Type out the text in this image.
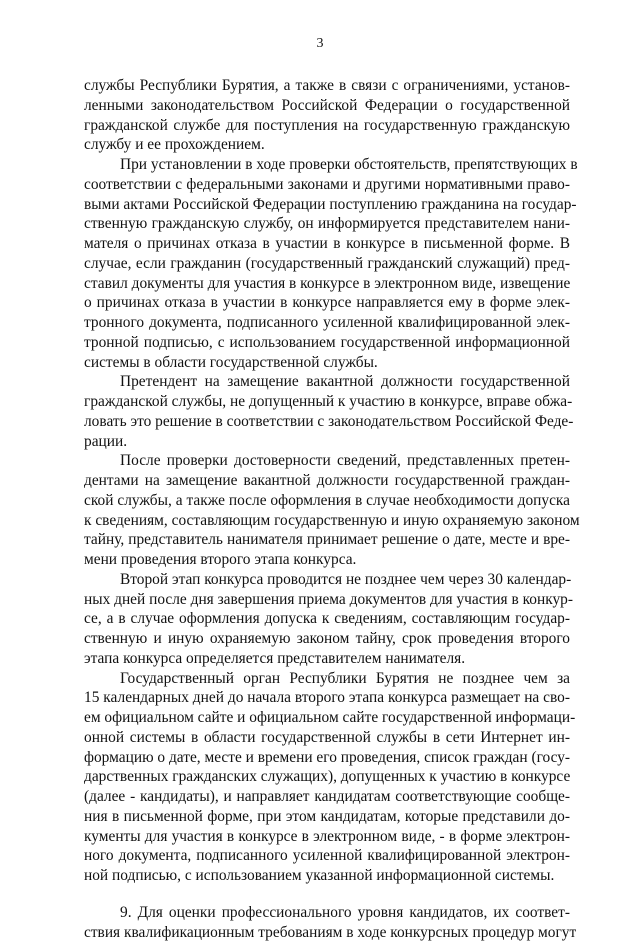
3
службы Республики Бурятия, а также в связи с ограничениями, установ-
ленными законодательством Российской Федерации о государственной
гражданской службе для поступления на государственную гражданскую
службу и ее прохождением.
При установлении в ходе проверки обстоятельств, препятствующих в
соответствии с федеральными законами и другими нормативными право-
выми актами Российской Федерации поступлению гражданина на государ-
ственную гражданскую службу, он информируется представителем нани-
мателя о причинах отказа в участии в конкурсе в письменной форме. В
случае, если гражданин (государственный гражданский служащий) пред-
ставил документы для участия в конкурсе в электронном виде, извещение
о причинах отказа в участии в конкурсе направляется ему в форме элек-
тронного документа, подписанного усиленной квалифицированной элек-
тронной подписью, с использованием государственной информационной
системы в области государственной службы.
Претендент на замещение вакантной должности государственной
гражданской службы, не допущенный к участию в конкурсе, вправе обжа-
ловать это решение в соответствии с законодательством Российской Феде-
рации.
После проверки достоверности сведений, представленных претен-
дентами на замещение вакантной должности государственной граждан-
ской службы, а также после оформления в случае необходимости допуска
к сведениям, составляющим государственную и иную охраняемую законом
тайну, представитель нанимателя принимает решение о дате, месте и вре-
мени проведения второго этапа конкурса.
Второй этап конкурса проводится не позднее чем через 30 календар-
ных дней после дня завершения приема документов для участия в конкур-
се, а в случае оформления допуска к сведениям, составляющим государ-
ственную и иную охраняемую законом тайну, срок проведения второго
этапа конкурса определяется представителем нанимателя.
Государственный орган Республики Бурятия не позднее чем за
15 календарных дней до начала второго этапа конкурса размещает на сво-
ем официальном сайте и официальном сайте государственной информаци-
онной системы в области государственной службы в сети Интернет ин-
формацию о дате, месте и времени его проведения, список граждан (госу-
дарственных гражданских служащих), допущенных к участию в конкурсе
(далее - кандидаты), и направляет кандидатам соответствующие сообще-
ния в письменной форме, при этом кандидатам, которые представили до-
кументы для участия в конкурсе в электронном виде, - в форме электрон-
ного документа, подписанного усиленной квалифицированной электрон-
ной подписью, с использованием указанной информационной системы.
9. Для оценки профессионального уровня кандидатов, их соответ-
ствия квалификационным требованиям в ходе конкурсных процедур могут
